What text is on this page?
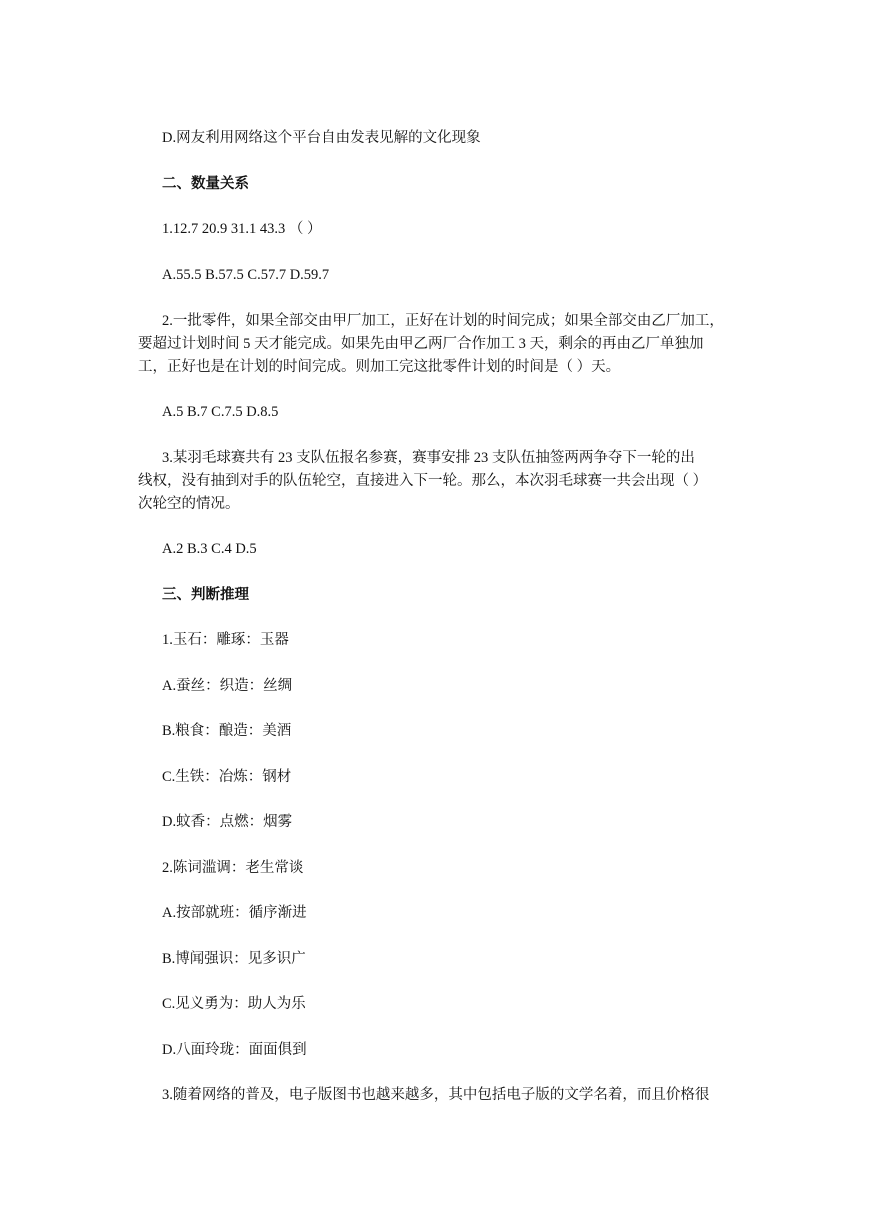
D.网友利用网络这个平台自由发表见解的文化现象

二、数量关系

1.12.7 20.9 31.1 43.3 （ ）

A.55.5 B.57.5 C.57.7 D.59.7

2.一批零件，如果全部交由甲厂加工，正好在计划的时间完成；如果全部交由乙厂加工，
要超过计划时间 5 天才能完成。如果先由甲乙两厂合作加工 3 天，剩余的再由乙厂单独加
工，正好也是在计划的时间完成。则加工完这批零件计划的时间是（ ）天。

A.5 B.7 C.7.5 D.8.5

3.某羽毛球赛共有 23 支队伍报名参赛，赛事安排 23 支队伍抽签两两争夺下一轮的出
线权，没有抽到对手的队伍轮空，直接进入下一轮。那么，本次羽毛球赛一共会出现（ ）
次轮空的情况。

A.2 B.3 C.4 D.5

三、判断推理

1.玉石：雕琢：玉器

A.蚕丝：织造：丝绸

B.粮食：酿造：美酒

C.生铁：冶炼：钢材

D.蚊香：点燃：烟雾

2.陈词滥调：老生常谈

A.按部就班：循序渐进

B.博闻强识：见多识广

C.见义勇为：助人为乐

D.八面玲珑：面面俱到

3.随着网络的普及，电子版图书也越来越多，其中包括电子版的文学名着，而且价格很
